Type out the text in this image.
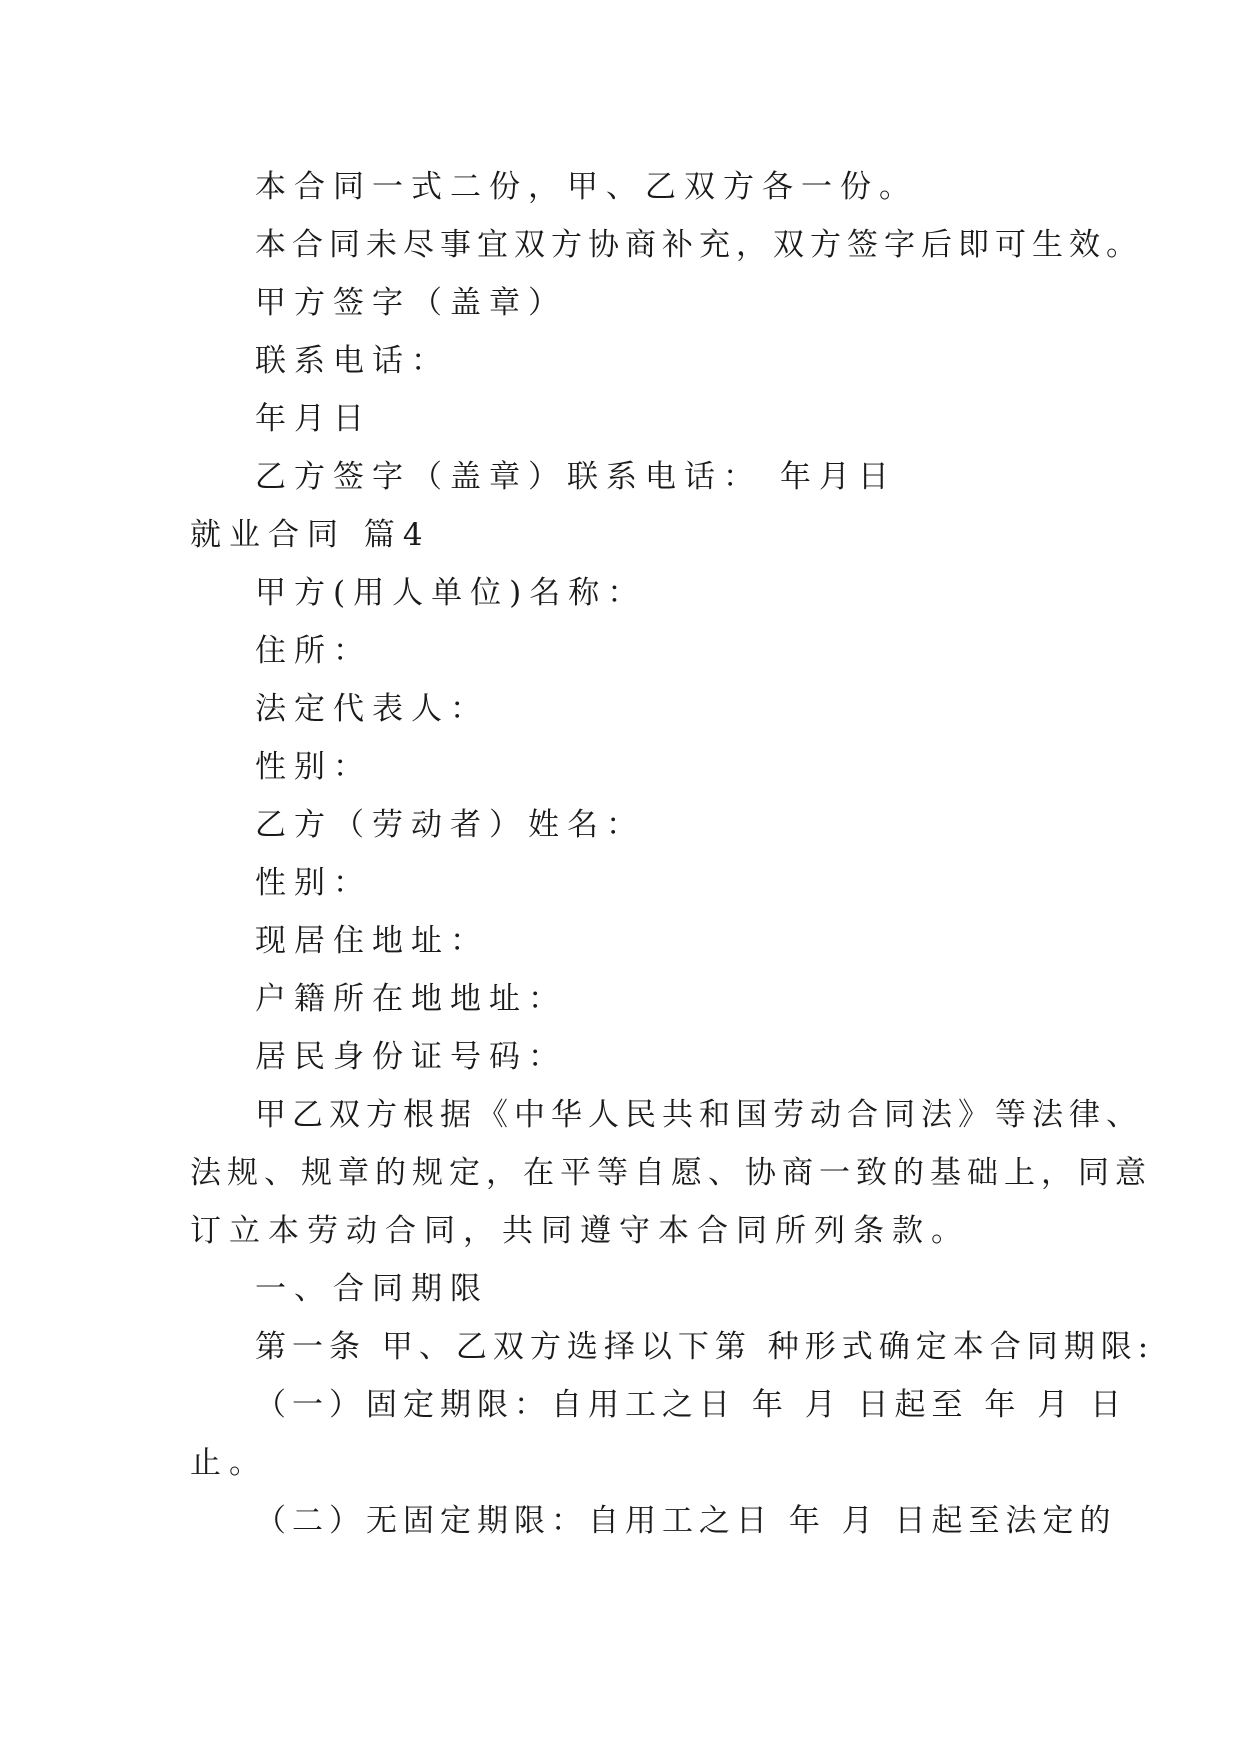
本合同一式二份，甲、乙双方各一份。
本合同未尽事宜双方协商补充，双方签字后即可生效。
甲方签字（盖章）
联系电话：
年月日
乙方签字（盖章）联系电话： 年月日
就业合同 篇4
甲方(用人单位)名称：
住所：
法定代表人：
性别：
乙方（劳动者）姓名：
性别：
现居住地址：
户籍所在地地址：
居民身份证号码：
甲乙双方根据《中华人民共和国劳动合同法》等法律、
法规、规章的规定，在平等自愿、协商一致的基础上，同意
订立本劳动合同，共同遵守本合同所列条款。
一、合同期限
第一条 甲、乙双方选择以下第 种形式确定本合同期限:
（一）固定期限：自用工之日 年 月 日起至 年 月 日
止。
（二）无固定期限：自用工之日 年 月 日起至法定的
